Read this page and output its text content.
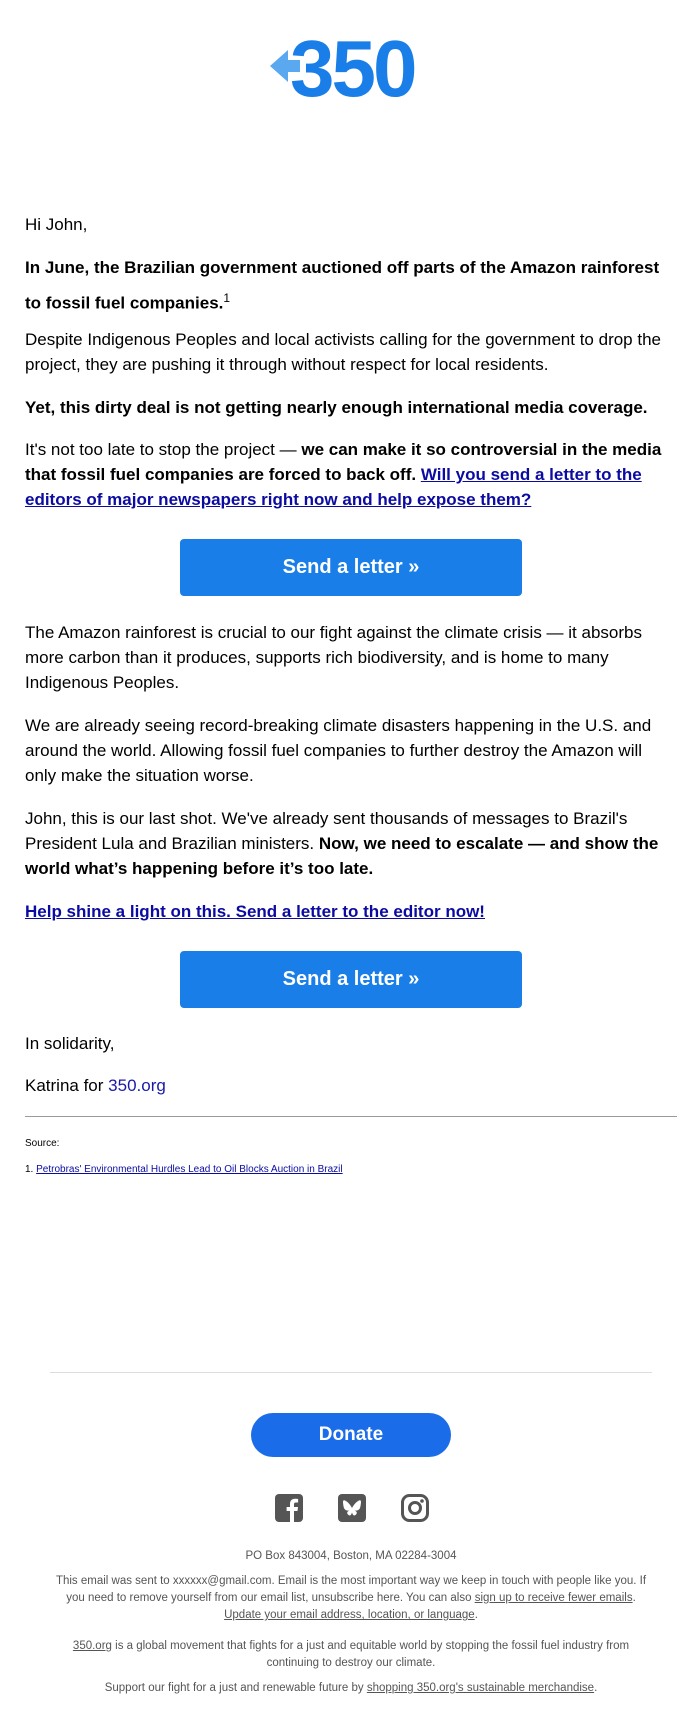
350

Hi John,

In June, the Brazilian government auctioned off parts of the Amazon rainforest to fossil fuel companies.$^1$

Despite Indigenous Peoples and local activists calling for the government to drop the project, they are pushing it through without respect for local residents.

Yet, this dirty deal is not getting nearly enough international media coverage.

It's not too late to stop the project — we can make it so controversial in the media that fossil fuel companies are forced to back off. Will you send a letter to the editors of major newspapers right now and help expose them?

Send a letter »

The Amazon rainforest is crucial to our fight against the climate crisis — it absorbs more carbon than it produces, supports rich biodiversity, and is home to many Indigenous Peoples.

We are already seeing record-breaking climate disasters happening in the U.S. and around the world. Allowing fossil fuel companies to further destroy the Amazon will only make the situation worse.

John, this is our last shot. We've already sent thousands of messages to Brazil's President Lula and Brazilian ministers. Now, we need to escalate — and show the world what’s happening before it’s too late.

Help shine a light on this. Send a letter to the editor now!

Send a letter »

In solidarity,

Katrina for 350.org

Source:
1. Petrobras' Environmental Hurdles Lead to Oil Blocks Auction in Brazil
Donate
PO Box 843004, Boston, MA 02284-3004
This email was sent to xxxxxx@gmail.com. Email is the most important way we keep in touch with people like you. If you need to remove yourself from our email list, unsubscribe here. You can also sign up to receive fewer emails. Update your email address, location, or language.
350.org is a global movement that fights for a just and equitable world by stopping the fossil fuel industry from continuing to destroy our climate.
Support our fight for a just and renewable future by shopping 350.org's sustainable merchandise.
